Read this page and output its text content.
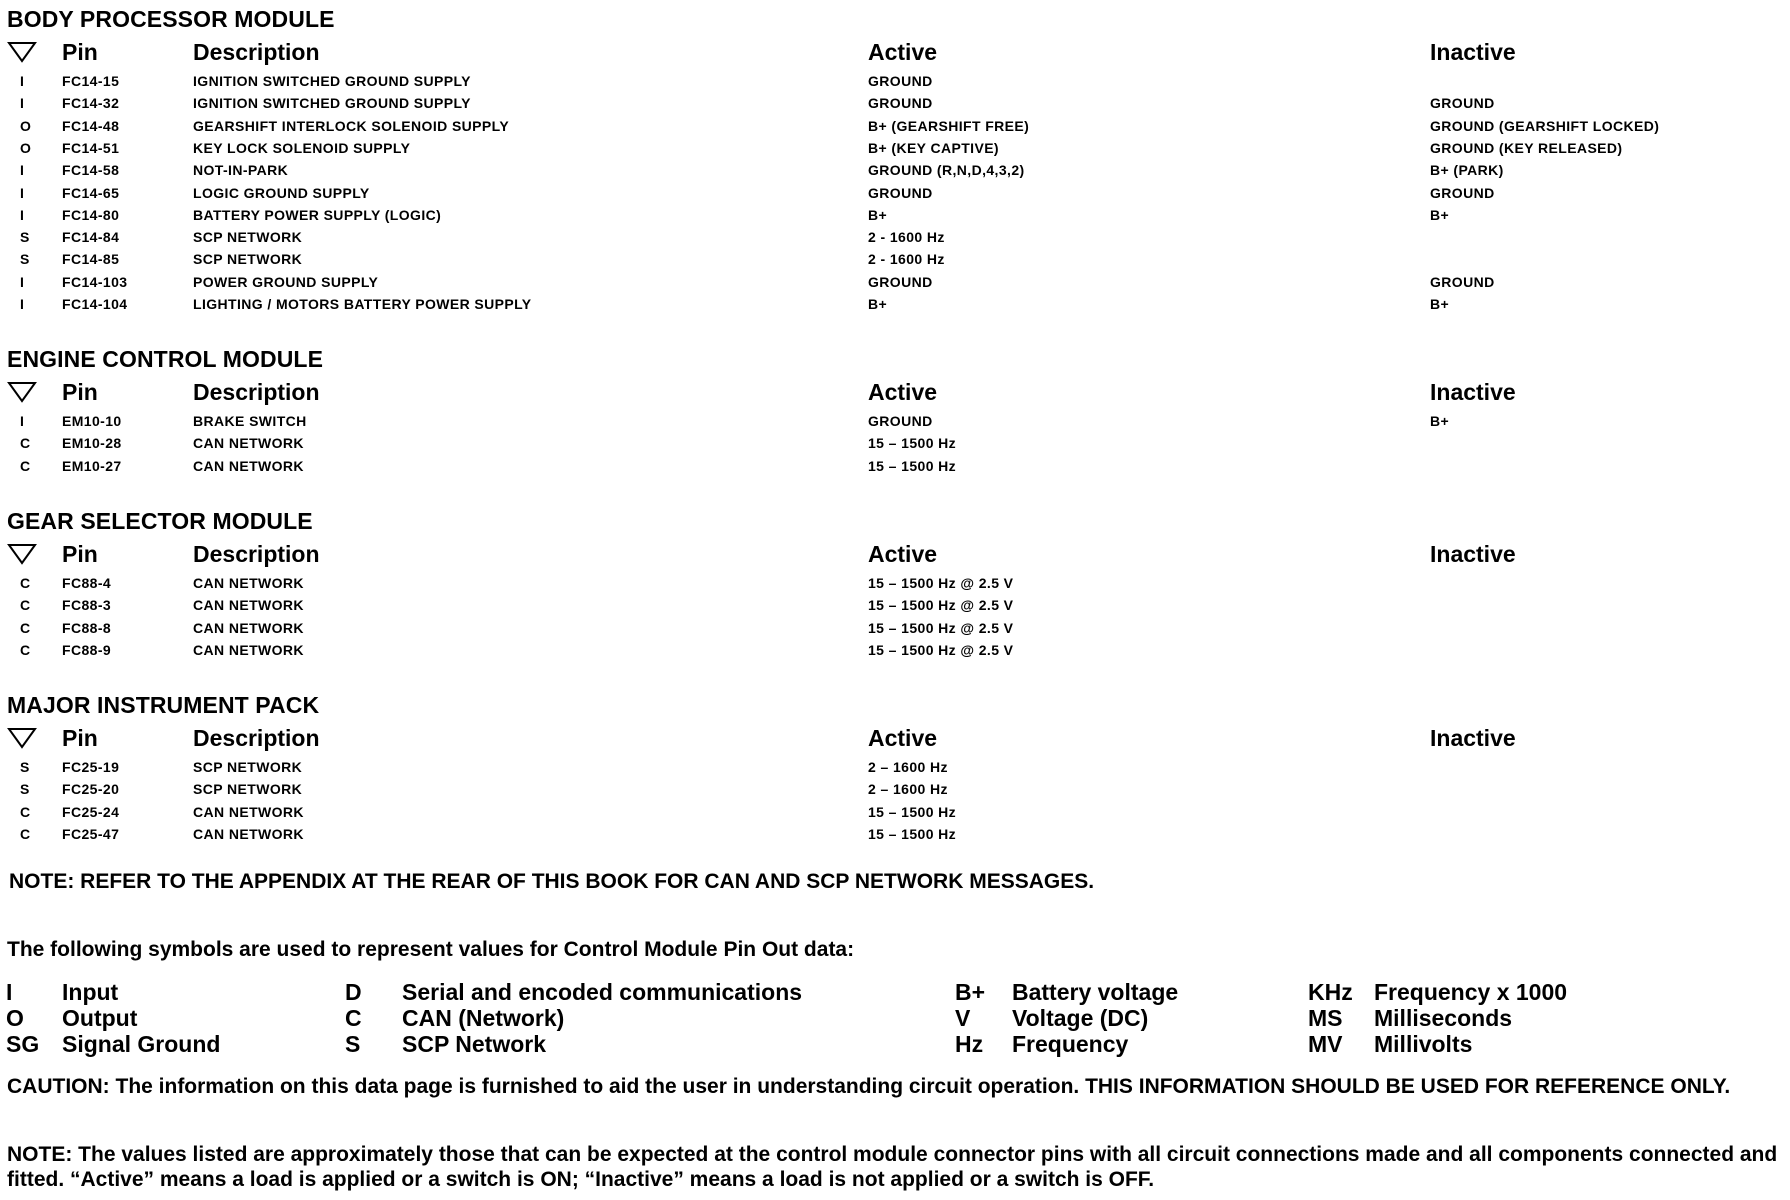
BODY PROCESSOR MODULE
Pin	Description	Active	Inactive
I	FC14-15	IGNITION SWITCHED GROUND SUPPLY	GROUND
I	FC14-32	IGNITION SWITCHED GROUND SUPPLY	GROUND	GROUND
O FC14-48	GEARSHIFT INTERLOCK SOLENOID SUPPLY	B+ (GEARSHIFT FREE)	GROUND (GEARSHIFT LOCKED)
O FC14-51	KEY LOCK SOLENOID SUPPLY	B+ (KEY CAPTIVE)	GROUND (KEY RELEASED)
I	FC14-58	NOT-IN-PARK	GROUND (R,N,D,4,3,2)	B+ (PARK)
I	FC14-65	LOGIC GROUND SUPPLY	GROUND	GROUND
I	FC14-80	BATTERY POWER SUPPLY (LOGIC)	B+	B+
S FC14-84	SCP NETWORK	2 - 1600 Hz
S FC14-85	SCP NETWORK	2 - 1600 Hz
I	FC14-103	POWER GROUND SUPPLY	GROUND	GROUND
I	FC14-104	LIGHTING / MOTORS BATTERY POWER SUPPLY	B+	B+
ENGINE CONTROL MODULE
Pin	Description	Active	Inactive
I	EM10-10	BRAKE SWITCH	GROUND	B+
C EM10-28	CAN NETWORK	15 – 1500 Hz
C EM10-27	CAN NETWORK	15 – 1500 Hz
GEAR SELECTOR MODULE
Pin	Description	Active	Inactive
C FC88-4	CAN NETWORK	15 – 1500 Hz @ 2.5 V
C FC88-3	CAN NETWORK	15 – 1500 Hz @ 2.5 V
C FC88-8	CAN NETWORK	15 – 1500 Hz @ 2.5 V
C FC88-9	CAN NETWORK	15 – 1500 Hz @ 2.5 V
MAJOR INSTRUMENT PACK
Pin	Description	Active	Inactive
S FC25-19	SCP NETWORK	2 – 1600 Hz
S FC25-20	SCP NETWORK	2 – 1600 Hz
C FC25-24	CAN NETWORK	15 – 1500 Hz
C FC25-47	CAN NETWORK	15 – 1500 Hz
NOTE: REFER TO THE APPENDIX AT THE REAR OF THIS BOOK FOR CAN AND SCP NETWORK MESSAGES.
The following symbols are used to represent values for Control Module Pin Out data:
I Input
O Output
SG Signal Ground
D Serial and encoded communications
C CAN (Network)
S SCP Network
B+ Battery voltage
V Voltage (DC)
Hz Frequency
KHz Frequency x 1000
MS Milliseconds
MV Millivolts
CAUTION: The information on this data page is furnished to aid the user in understanding circuit operation. THIS INFORMATION SHOULD BE USED FOR REFERENCE ONLY.
NOTE: The values listed are approximately those that can be expected at the control module connector pins with all circuit connections made and all components connected and fitted. “Active” means a load is applied or a switch is ON; “Inactive” means a load is not applied or a switch is OFF.
